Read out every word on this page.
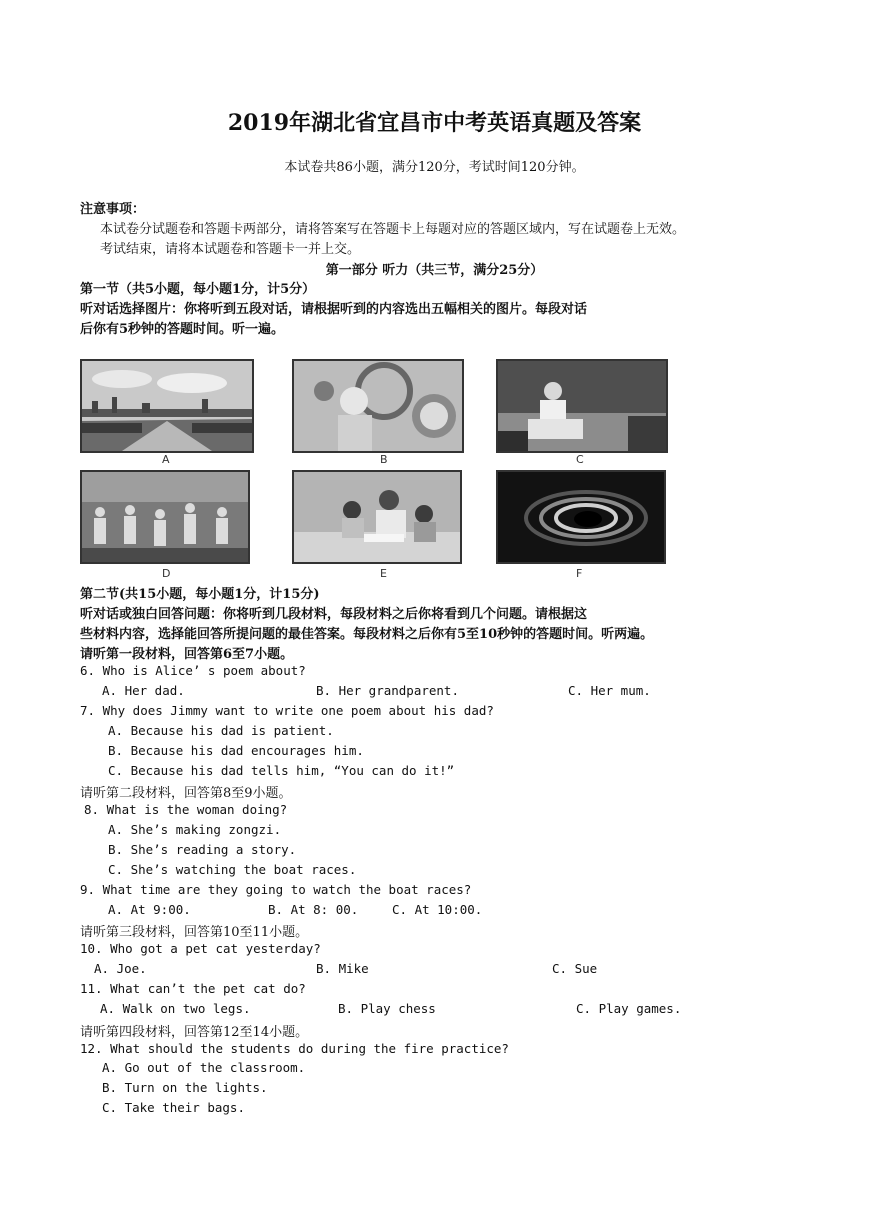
2019年湖北省宜昌市中考英语真题及答案
本试卷共86小题，满分120分，考试时间120分钟。
注意事项：
本试卷分试题卷和答题卡两部分，请将答案写在答题卡上每题对应的答题区域内，写在试题卷上无效。
考试结束，请将本试题卷和答题卡一并上交。
第一部分 听力（共三节，满分25分）
第一节（共5小题，每小题1分，计5分）
听对话选择图片：你将听到五段对话，请根据听到的内容选出五幅相关的图片。每段对话
后你有5秒钟的答题时间。听一遍。
A	B	C
D	E	F
第二节(共15小题，每小题1分，计15分)
听对话或独白回答问题：你将听到几段材料，每段材料之后你将看到几个问题。请根据这
些材料内容，选择能回答所提问题的最佳答案。每段材料之后你有5至10秒钟的答题时间。听两遍。
请听第一段材料，回答第6至7小题。
6. Who is Alice’ s poem about?
A. Her dad.	B. Her grandparent.	C. Her mum.
7. Why does Jimmy want to write one poem about his dad?
A. Because his dad is patient.
B. Because his dad encourages him.
C. Because his dad tells him, “You can do it!”
请听第二段材料，回答第8至9小题。
8. What is the woman doing?
A. She’s making zongzi.
B. She’s reading a story.
C. She’s watching the boat races.
9. What time are they going to watch the boat races?
A. At 9:00.	B. At 8: 00.	C. At 10:00.
请听第三段材料，回答第10至11小题。
10. Who got a pet cat yesterday?
A. Joe.	B. Mike	C. Sue
11. What can’t the pet cat do?
A. Walk on two legs.	B. Play chess	C. Play games.
请听第四段材料，回答第12至14小题。
12. What should the students do during the fire practice?
A. Go out of the classroom.
B. Turn on the lights.
C. Take their bags.
